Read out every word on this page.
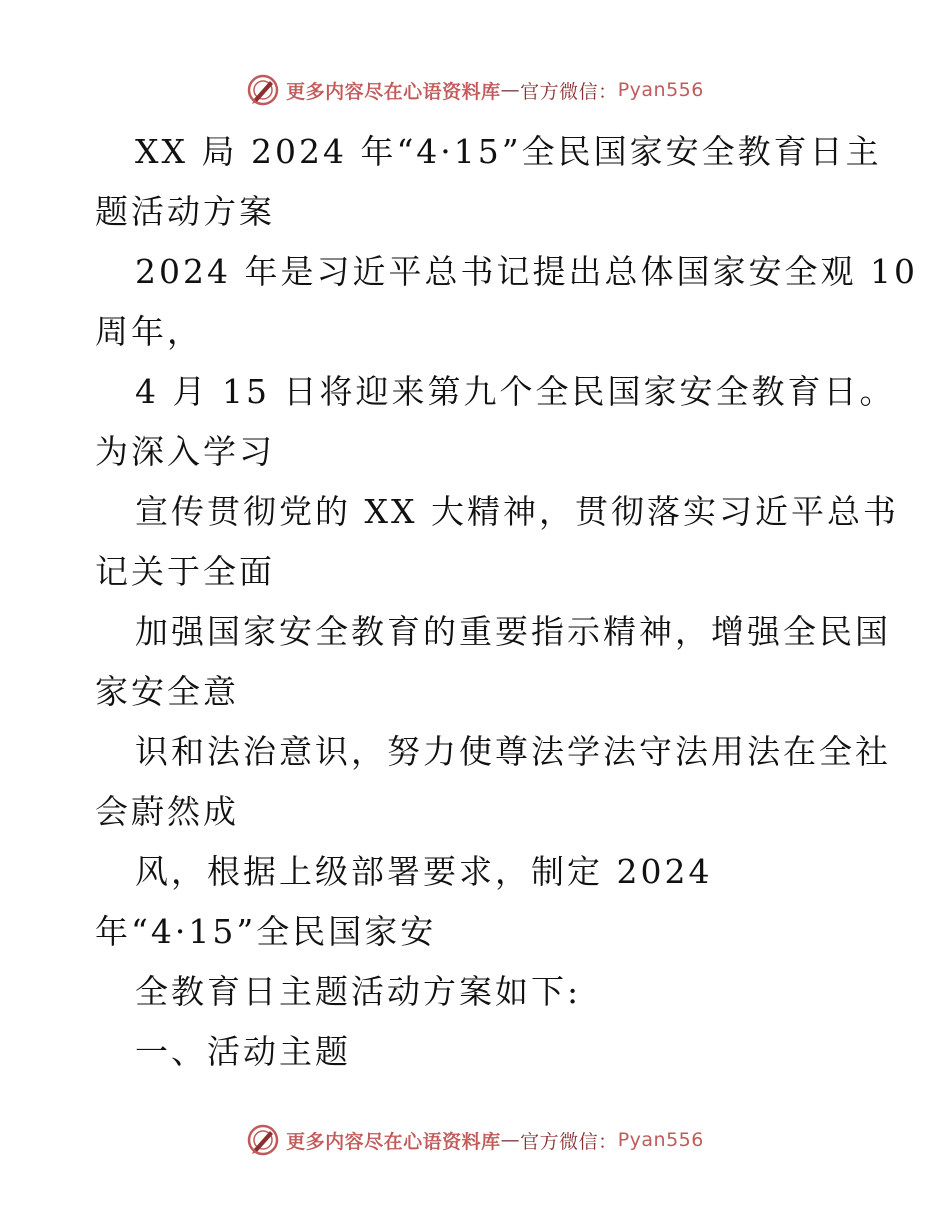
更多内容尽在心语资料库 — 官方微信： Pyan556
XX 局 2024 年“4·15”全民国家安全教育日主
题活动方案
2024 年是习近平总书记提出总体国家安全观 10
周年，
4 月 15 日将迎来第九个全民国家安全教育日。
为深入学习
宣传贯彻党的 XX 大精神，贯彻落实习近平总书
记关于全面
加强国家安全教育的重要指示精神，增强全民国
家安全意
识和法治意识，努力使尊法学法守法用法在全社
会蔚然成
风，根据上级部署要求，制定 2024
年“4·15”全民国家安
全教育日主题活动方案如下:
一、活动主题
更多内容尽在心语资料库 — 官方微信： Pyan556
